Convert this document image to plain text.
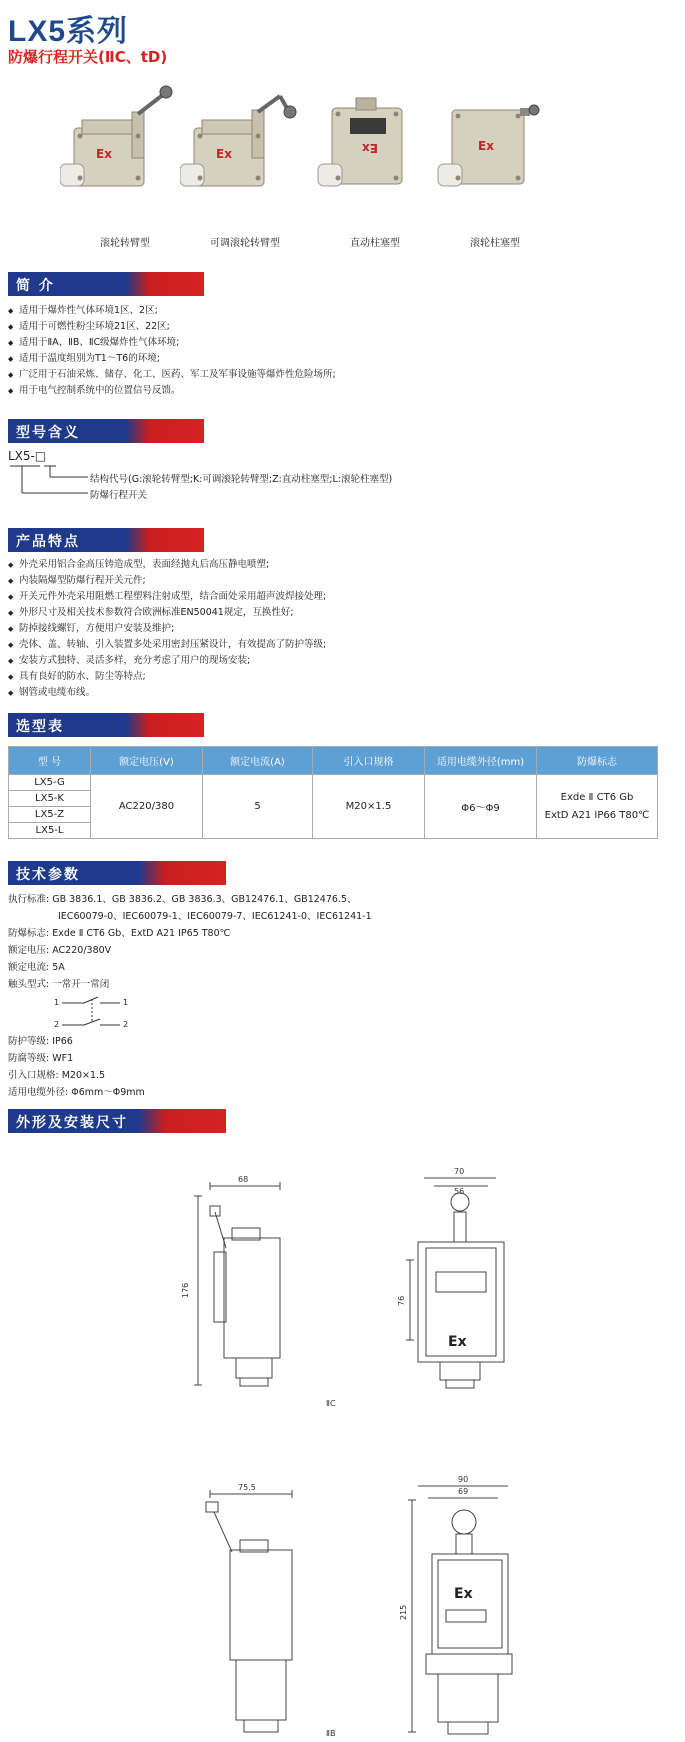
LX5系列
防爆行程开关(ⅡC、tD)
Ex
滚轮转臂型
Ex
可调滚轮转臂型
Ex
直动柱塞型
Ex
滚轮柱塞型
简 介
◆ 适用于爆炸性气体环境1区、2区;
◆ 适用于可燃性粉尘环境21区、22区;
◆ 适用于ⅡA、ⅡB、ⅡC级爆炸性气体环境;
◆ 适用于温度组别为T1～T6的环境;
◆ 广泛用于石油采炼、储存、化工、医药、军工及军事设施等爆炸性危险场所;
◆ 用于电气控制系统中的位置信号反馈。
型号含义
LX5-□
结构代号(G:滚轮转臂型;K:可调滚轮转臂型;Z:直动柱塞型;L:滚轮柱塞型)
防爆行程开关
产品特点
◆ 外壳采用铝合金高压铸造成型，表面经抛丸后高压静电喷塑;
◆ 内装隔爆型防爆行程开关元件;
◆ 开关元件外壳采用阻燃工程塑料注射成型，结合面处采用超声波焊接处理;
◆ 外形尺寸及相关技术参数符合欧洲标准EN50041规定，互换性好;
◆ 防掉接线螺钉，方便用户安装及维护;
◆ 壳体、盖、转轴、引入装置多处采用密封压紧设计，有效提高了防护等级;
◆ 安装方式独特、灵活多样，充分考虑了用户的现场安装;
◆ 具有良好的防水、防尘等特点;
◆ 钢管或电缆布线。
选型表
型 号	额定电压(V)	额定电流(A)	引入口规格	适用电缆外径(mm)	防爆标志
LX5-G	AC220/380	5	M20×1.5	Φ6～Φ9	Exde Ⅱ CT6 Gb
ExtD A21 IP66 T80℃

LX5-K					
LX5-Z					
LX5-L					
技术参数
执行标准: GB 3836.1、GB 3836.2、GB 3836.3、GB12476.1、GB12476.5、
IEC60079-0、IEC60079-1、IEC60079-7、IEC61241-0、IEC61241-1
防爆标志: Exde Ⅱ CT6 Gb、ExtD A21 IP65 T80℃
额定电压: AC220/380V
额定电流: 5A
触头型式: 一常开一常闭
1	1
2	2
防护等级: IP66
防腐等级: WF1
引入口规格: M20×1.5
适用电缆外径: Φ6mm～Φ9mm
外形及安装尺寸
68
176
70
56
76
ⅡC
75.5
90
69
215
ⅡB
Ex
Ex
